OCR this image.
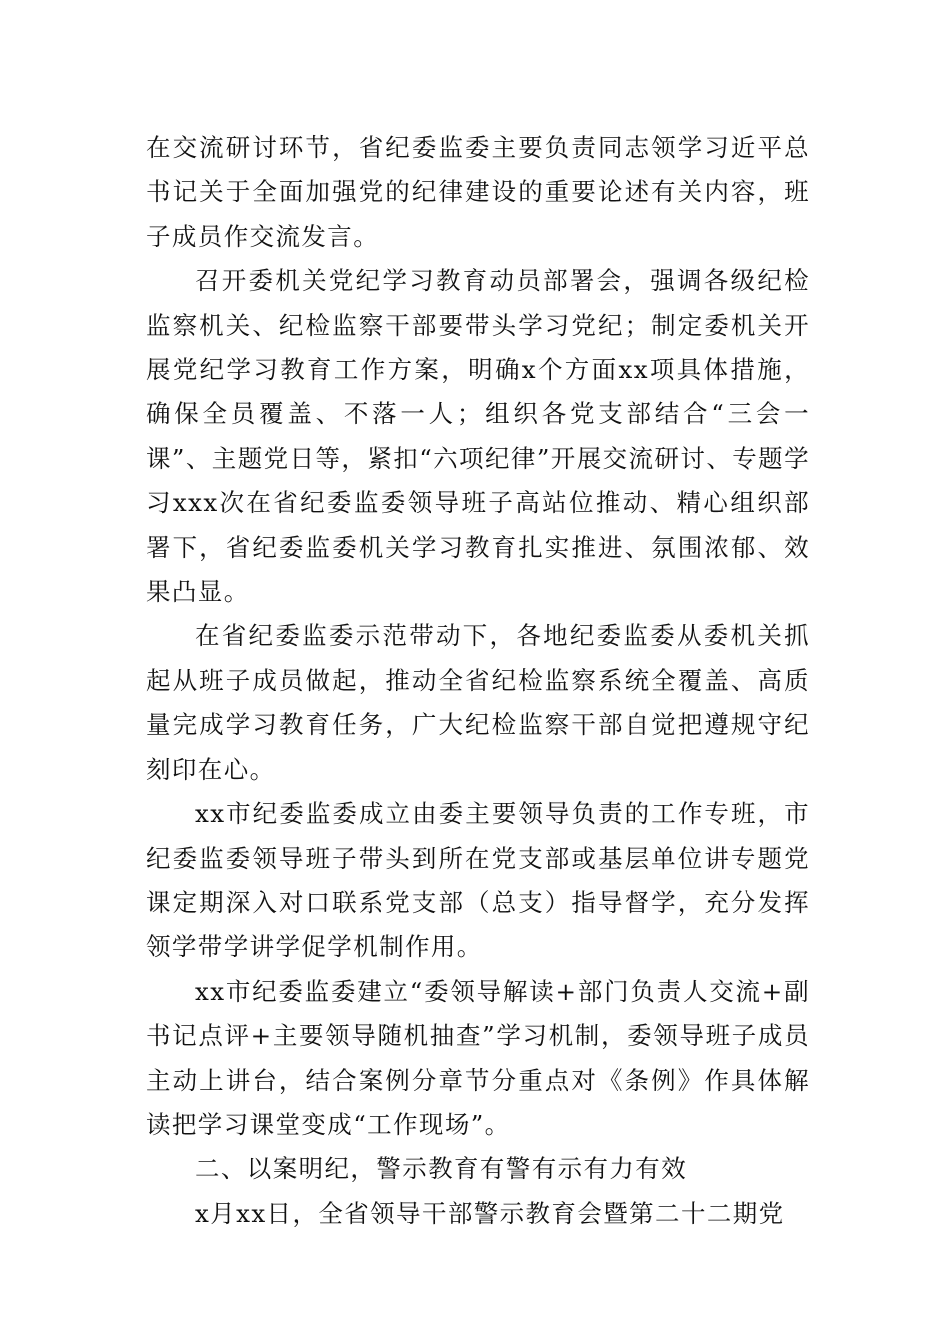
在交流研讨环节，省纪委监委主要负责同志领学习近平总书记关于全面加强党的纪律建设的重要论述有关内容，班子成员作交流发言。

召开委机关党纪学习教育动员部署会，强调各级纪检监察机关、纪检监察干部要带头学习党纪；制定委机关开展党纪学习教育工作方案，明确x个方面xx项具体措施，确保全员覆盖、不落一人；组织各党支部结合“三会一课”、主题党日等，紧扣“六项纪律”开展交流研讨、专题学习xxx次在省纪委监委领导班子高站位推动、精心组织部署下，省纪委监委机关学习教育扎实推进、氛围浓郁、效果凸显。

在省纪委监委示范带动下，各地纪委监委从委机关抓起从班子成员做起，推动全省纪检监察系统全覆盖、高质量完成学习教育任务，广大纪检监察干部自觉把遵规守纪刻印在心。

xx市纪委监委成立由委主要领导负责的工作专班，市纪委监委领导班子带头到所在党支部或基层单位讲专题党课定期深入对口联系党支部（总支）指导督学，充分发挥领学带学讲学促学机制作用。

xx市纪委监委建立“委领导解读+部门负责人交流+副书记点评+主要领导随机抽查”学习机制，委领导班子成员主动上讲台，结合案例分章节分重点对《条例》作具体解读把学习课堂变成“工作现场”。

二、以案明纪，警示教育有警有示有力有效

x月xx日，全省领导干部警示教育会暨第二十二期党
